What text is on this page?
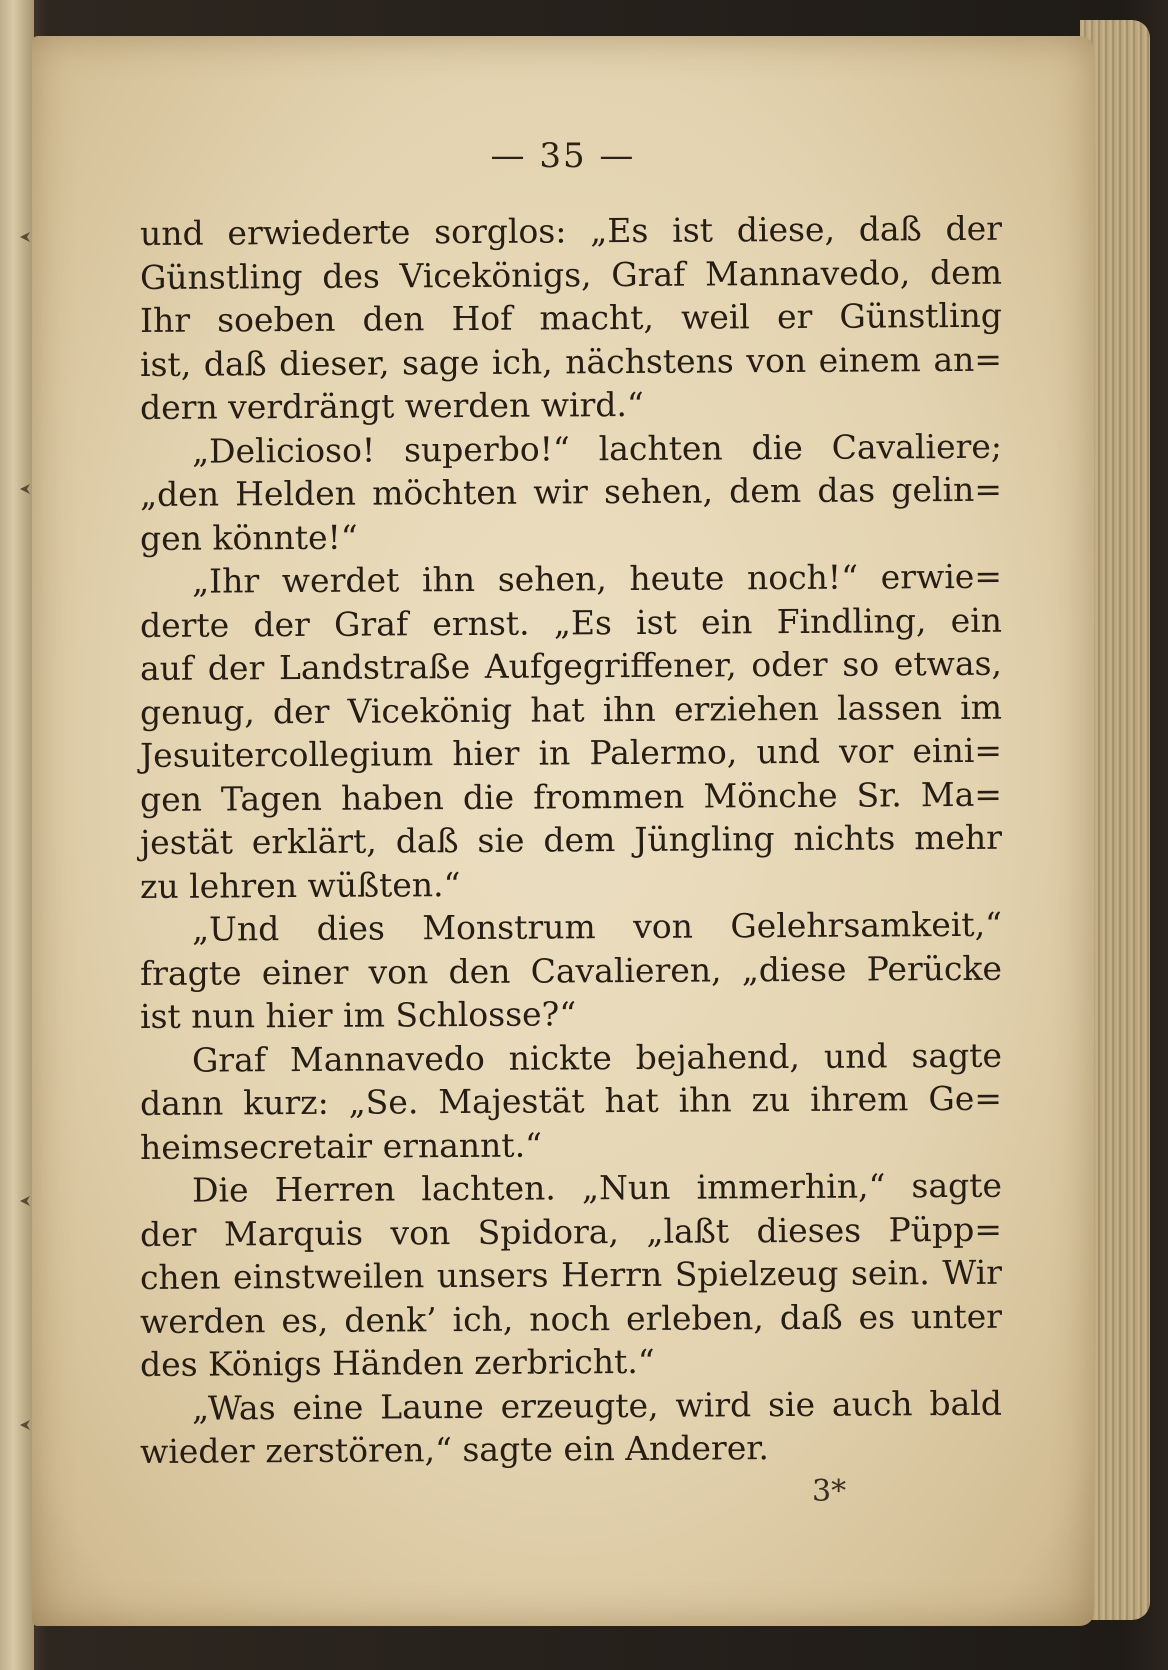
— 35 —
und erwiederte sorglos: „Es ist diese, daß der
Günstling des Vicekönigs, Graf Mannavedo, dem
Ihr soeben den Hof macht, weil er Günstling
ist, daß dieser, sage ich, nächstens von einem an=
dern verdrängt werden wird.“
„Delicioso! superbo!“ lachten die Cavaliere;
„den Helden möchten wir sehen, dem das gelin=
gen könnte!“
„Ihr werdet ihn sehen, heute noch!“ erwie=
derte der Graf ernst. „Es ist ein Findling, ein
auf der Landstraße Aufgegriffener, oder so etwas,
genug, der Vicekönig hat ihn erziehen lassen im
Jesuitercollegium hier in Palermo, und vor eini=
gen Tagen haben die frommen Mönche Sr. Ma=
jestät erklärt, daß sie dem Jüngling nichts mehr
zu lehren wüßten.“
„Und dies Monstrum von Gelehrsamkeit,“
fragte einer von den Cavalieren, „diese Perücke
ist nun hier im Schlosse?“
Graf Mannavedo nickte bejahend, und sagte
dann kurz: „Se. Majestät hat ihn zu ihrem Ge=
heimsecretair ernannt.“
Die Herren lachten. „Nun immerhin,“ sagte
der Marquis von Spidora, „laßt dieses Püpp=
chen einstweilen unsers Herrn Spielzeug sein. Wir
werden es, denk’ ich, noch erleben, daß es unter
des Königs Händen zerbricht.“
„Was eine Laune erzeugte, wird sie auch bald
wieder zerstören,“ sagte ein Anderer.
3*
